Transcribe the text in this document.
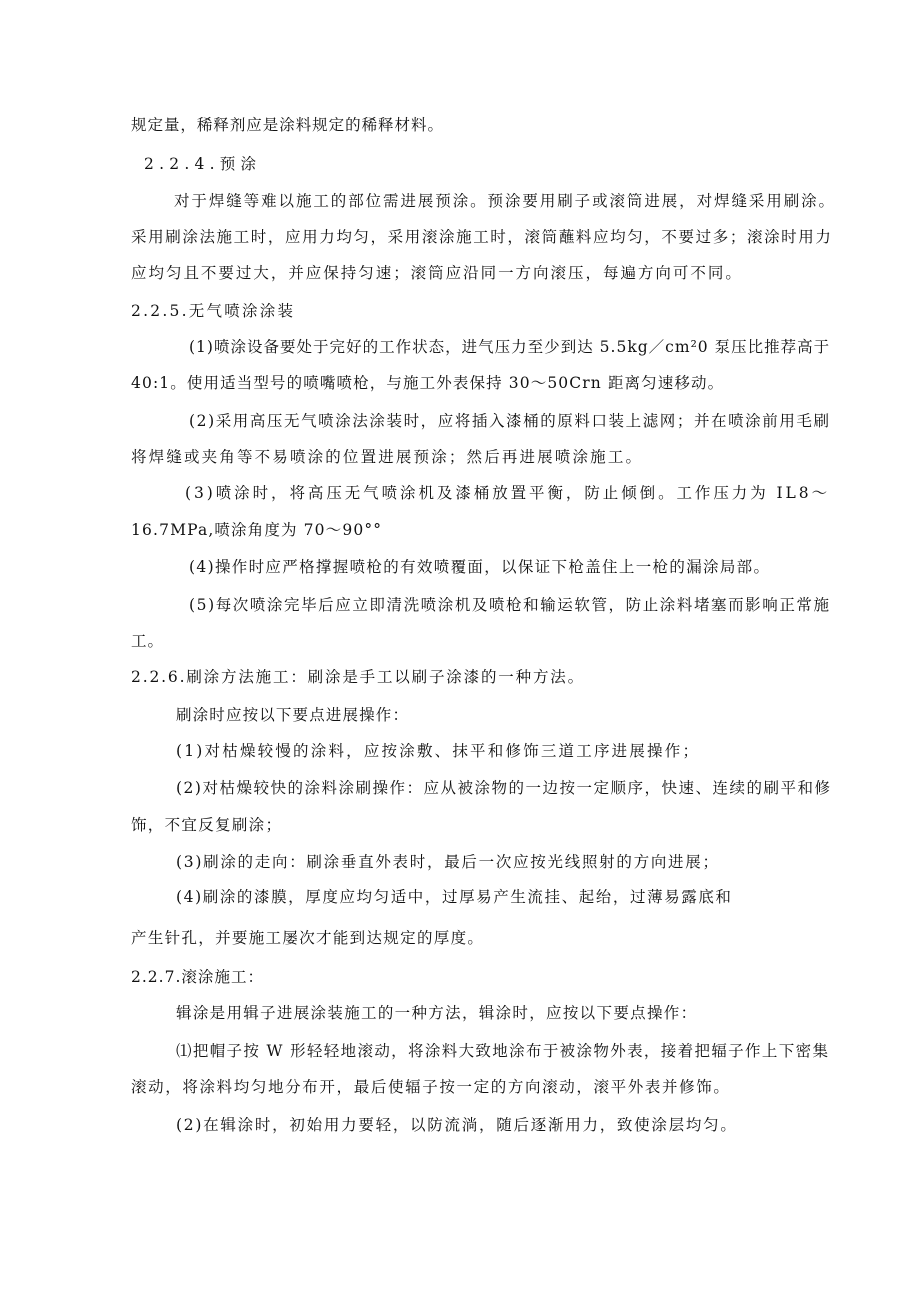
规定量，稀释剂应是涂料规定的稀释材料。
2.2.4.预涂
对于焊缝等难以施工的部位需进展预涂。预涂要用刷子或滚筒进展，对焊缝采用刷涂。
采用刷涂法施工时，应用力均匀，采用滚涂施工时，滚筒蘸料应均匀，不要过多；滚涂时用力
应均匀且不要过大，并应保持匀速；滚筒应沿同一方向滚压，每遍方向可不同。
2.2.5.无气喷涂涂装
(1)喷涂设备要处于完好的工作状态，进气压力至少到达 5.5kg／cm²0 泵压比推荐高于
40:1。使用适当型号的喷嘴喷枪，与施工外表保持 30～50Crn 距离匀速移动。
(2)采用高压无气喷涂法涂装时，应将插入漆桶的原料口装上滤网；并在喷涂前用毛刷
将焊缝或夹角等不易喷涂的位置进展预涂；然后再进展喷涂施工。
(3)喷涂时，将高压无气喷涂机及漆桶放置平衡，防止倾倒。工作压力为 IL8～
16.7MPa,喷涂角度为 70～90°°
(4)操作时应严格撑握喷枪的有效喷覆面，以保证下枪盖住上一枪的漏涂局部。
(5)每次喷涂完毕后应立即清洗喷涂机及喷枪和输运软管，防止涂料堵塞而影响正常施
工。
2.2.6.刷涂方法施工：刷涂是手工以刷子涂漆的一种方法。
刷涂时应按以下要点进展操作：
(1)对枯燥较慢的涂料，应按涂敷、抹平和修饰三道工序进展操作；
(2)对枯燥较快的涂料涂刷操作：应从被涂物的一边按一定顺序，快速、连续的刷平和修
饰，不宜反复刷涂；
(3)刷涂的走向：刷涂垂直外表时，最后一次应按光线照射的方向进展；
(4)刷涂的漆膜，厚度应均匀适中，过厚易产生流挂、起绐，过薄易露底和
产生针孔，并要施工屡次才能到达规定的厚度。
2.2.7.滚涂施工：
辑涂是用辑子进展涂装施工的一种方法，辑涂时，应按以下要点操作：
⑴把帽子按 W 形轻轻地滚动，将涂料大致地涂布于被涂物外表，接着把辐子作上下密集
滚动，将涂料均匀地分布开，最后使辐子按一定的方向滚动，滚平外表并修饰。
(2)在辑涂时，初始用力要轻，以防流淌，随后逐渐用力，致使涂层均匀。
